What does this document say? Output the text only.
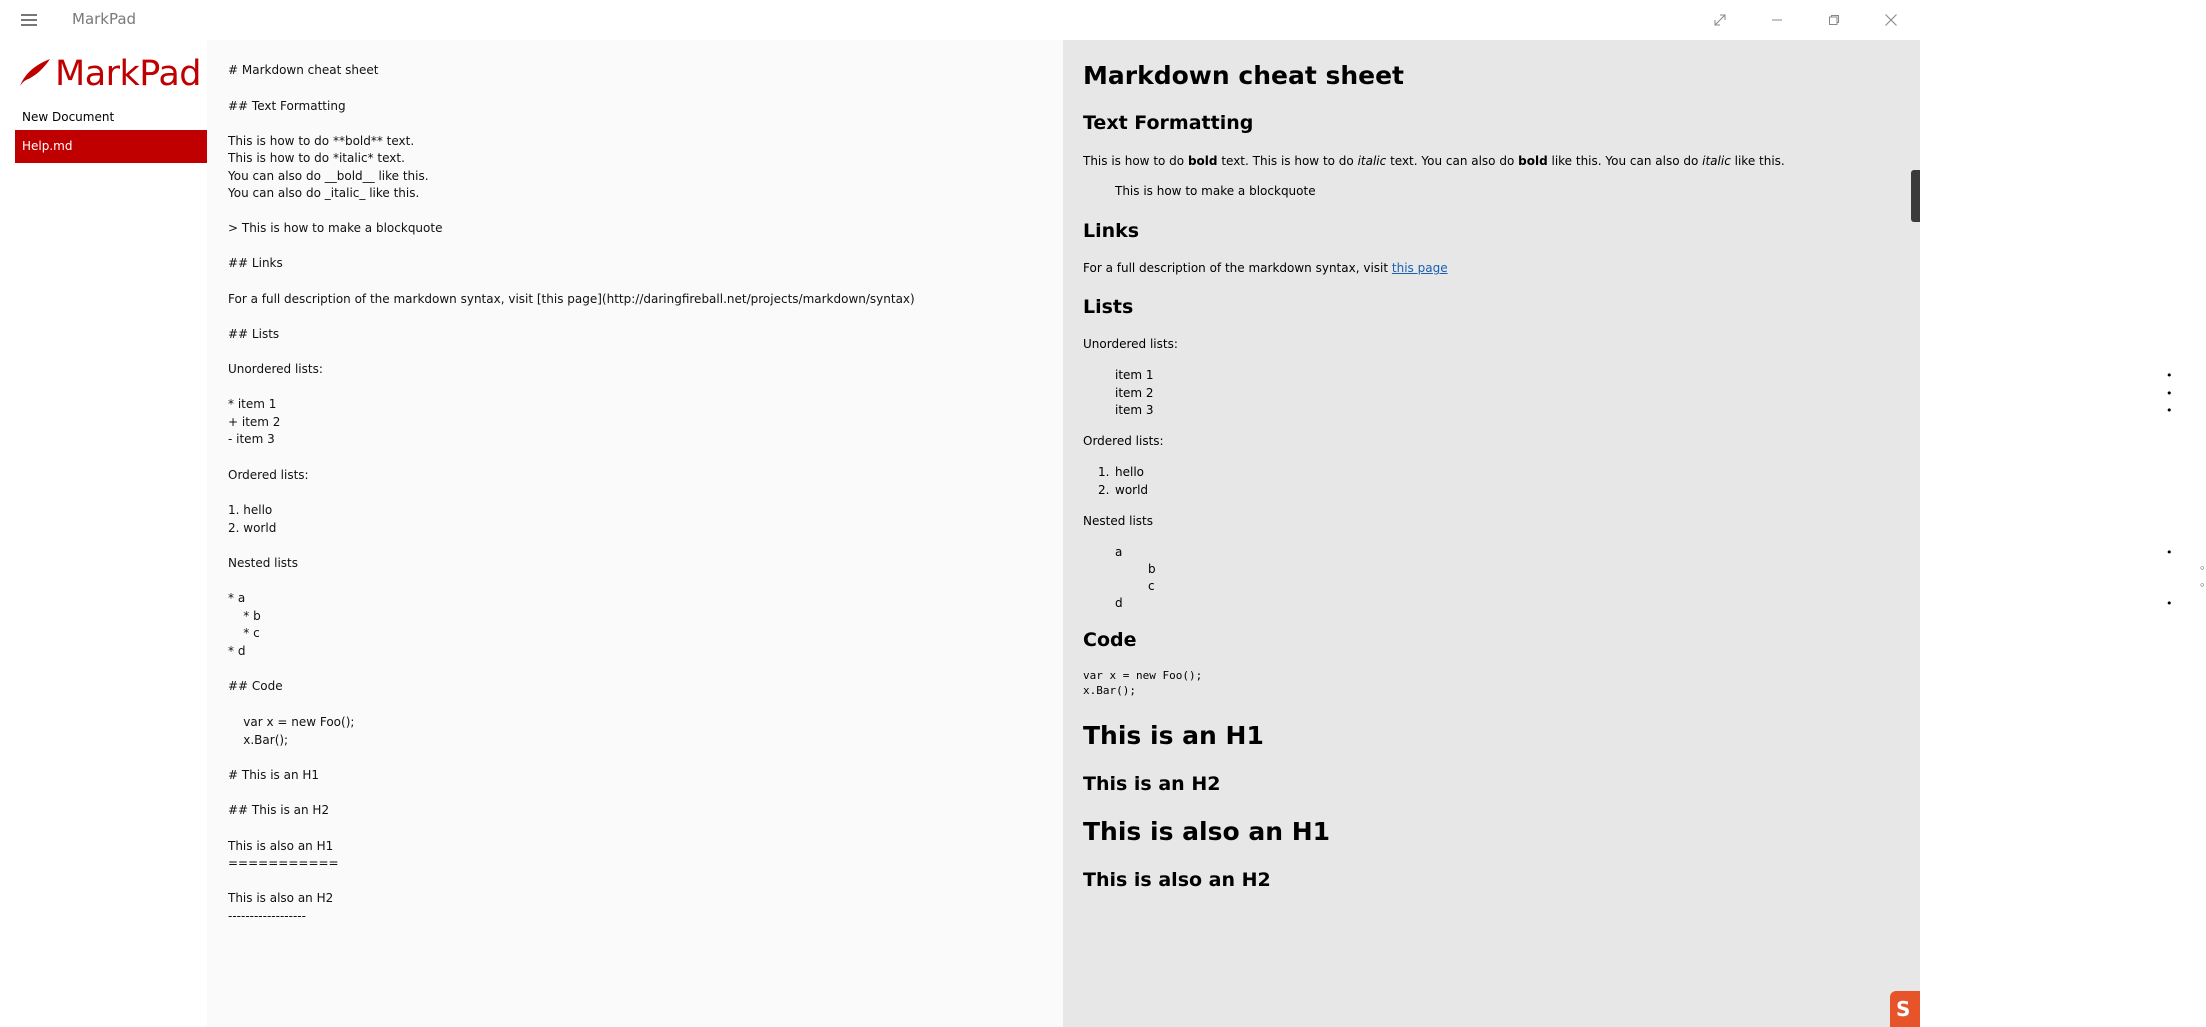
MarkPad
MarkPad
New Document
Help.md
# Markdown cheat sheet
## Text Formatting
This is how to do **bold** text.
This is how to do *italic* text.
You can also do __bold__ like this.
You can also do _italic_ like this.
> This is how to make a blockquote
## Links
For a full description of the markdown syntax, visit [this page](http://daringfireball.net/projects/markdown/syntax)
## Lists
Unordered lists:
* item 1
+ item 2
- item 3
Ordered lists:
1. hello
2. world
Nested lists
* a
* b
* c
* d
## Code
var x = new Foo();
x.Bar();
# This is an H1
## This is an H2
This is also an H1
===========
This is also an H2
------------------
Markdown cheat sheet
Text Formatting
This is how to do bold text. This is how to do italic text. You can also do bold like this. You can also do italic like this.
This is how to make a blockquote
Links
For a full description of the markdown syntax, visit this page
Lists
Unordered lists:
•
item 1
•
item 2
•
item 3
Ordered lists:
1. hello
2. world
Nested lists
•
a
◦
b
◦
c
•
d
Code
var x = new Foo();
x.Bar();
This is an H1
This is an H2
This is also an H1
This is also an H2
S
